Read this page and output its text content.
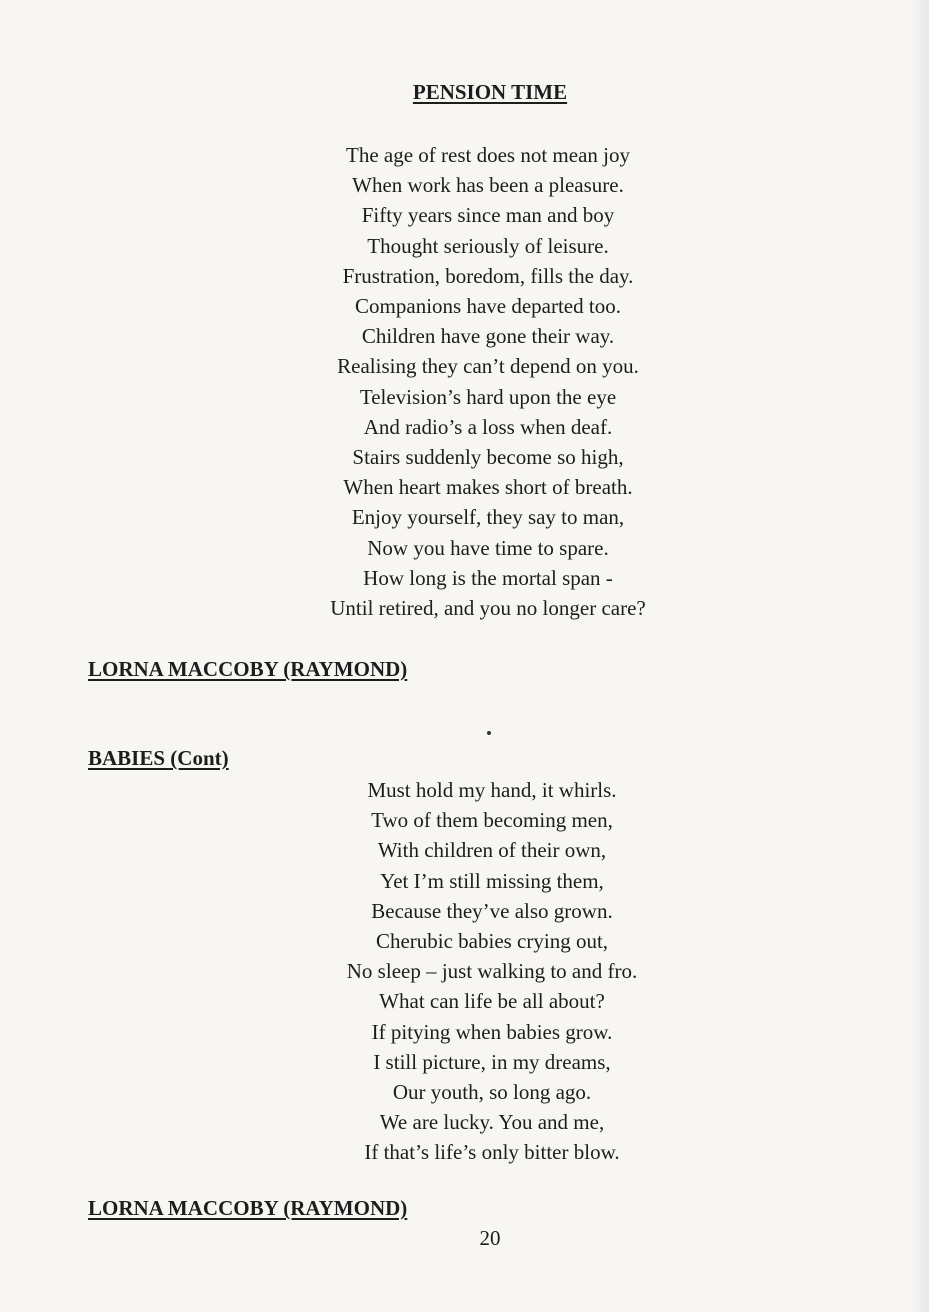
PENSION TIME
The age of rest does not mean joy
When work has been a pleasure.
Fifty years since man and boy
Thought seriously of leisure.
Frustration, boredom, fills the day.
Companions have departed too.
Children have gone their way.
Realising they can’t depend on you.
Television’s hard upon the eye
And radio’s a loss when deaf.
Stairs suddenly become so high,
When heart makes short of breath.
Enjoy yourself, they say to man,
Now you have time to spare.
How long is the mortal span -
Until retired, and you no longer care?

LORNA MACCOBY (RAYMOND)

BABIES (Cont)
Must hold my hand, it whirls.
Two of them becoming men,
With children of their own,
Yet I’m still missing them,
Because they’ve also grown.
Cherubic babies crying out,
No sleep – just walking to and fro.
What can life be all about?
If pitying when babies grow.
I still picture, in my dreams,
Our youth, so long ago.
We are lucky. You and me,
If that’s life’s only bitter blow.

LORNA MACCOBY (RAYMOND)

20
